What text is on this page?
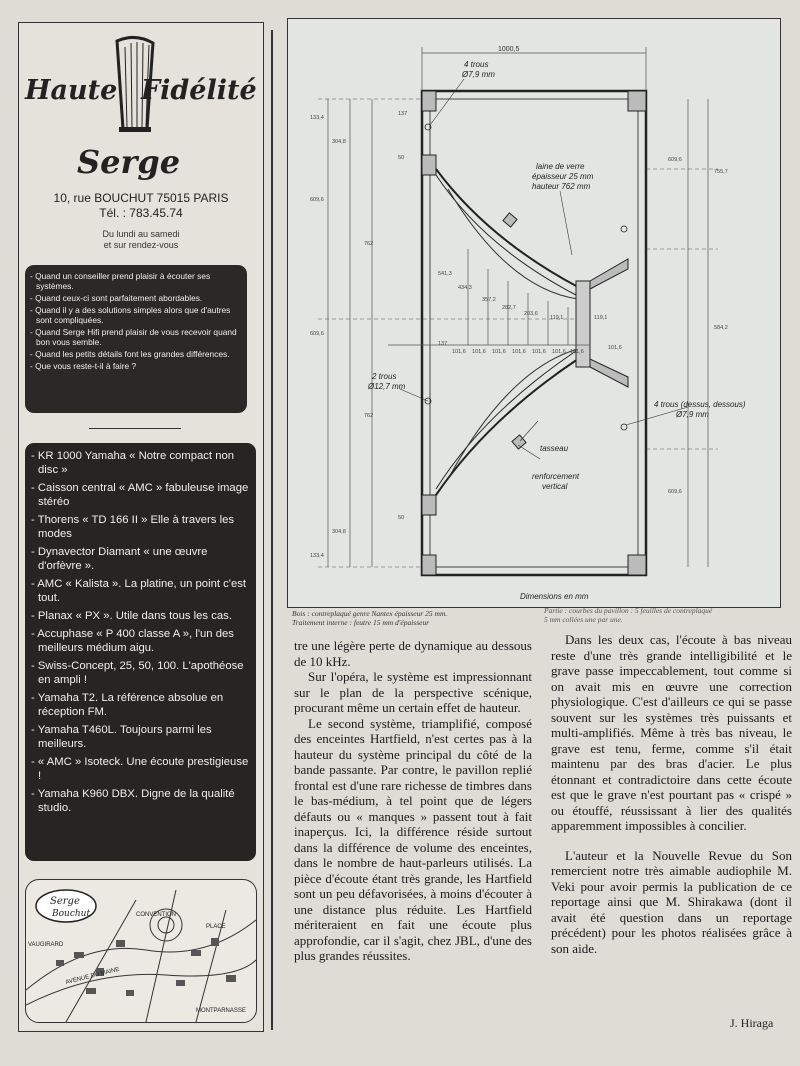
Haute Fidélité
Serge
10, rue BOUCHUT 75015 PARIS
Tél. : 783.45.74
Du lundi au samedi
et sur rendez-vous
- Quand un conseiller prend plaisir à écouter ses systèmes.
- Quand ceux-ci sont parfaitement abordables.
- Quand il y a des solutions simples alors que d'autres sont compliquées.
- Quand Serge Hifi prend plaisir de vous recevoir quand bon vous semble.
- Quand les petits détails font les grandes différences.
- Que vous reste-t-il à faire ?
- KR 1000 Yamaha « Notre compact non disc »
- Caisson central « AMC » fabuleuse image stéréo
- Thorens « TD 166 II » Elle à travers les modes
- Dynavector Diamant « une œuvre d'orfèvre ».
- AMC « Kalista ». La platine, un point c'est tout.
- Planax « PX ». Utile dans tous les cas.
- Accuphase « P 400 classe A », l'un des meilleurs médium aigu.
- Swiss-Concept, 25, 50, 100. L'apothéose en ampli !
- Yamaha T2. La référence absolue en réception FM.
- Yamaha T460L. Toujours parmi les meilleurs.
- « AMC » Isoteck. Une écoute prestigieuse !
- Yamaha K960 DBX. Digne de la qualité studio.
Serge
Bouchut
VAUGIRARD
CONVENTION
AVENUE DU MAINE
PLACE
MONTPARNASSE
1000,5
4 trous
Ø7,9 mm
laine de verre
épaisseur 25 mm
hauteur 762 mm
2 trous
Ø12,7 mm
4 trous (dessus, dessous)
Ø7,9 mm
tasseau
renforcement
vertical
Dimensions en mm
133,4
304,8
609,6
762
609,6
762
304,8
133,4
609,6
755,7
584,2
609,6
137
50
137
50
541,3
434,3
357,2
282,7
203,6
119,1
101,6 101,6 101,6 101,6 101,6 101,6 101,6
119,1
101,6
Bois : contreplaqué genre Nantex épaisseur 25 mm.
Traitement interne : feutre 15 mm d'épaisseur
Partie : courbes du pavillon : 5 feuilles de contreplaqué
5 mm collées une par une.

tre une légère perte de dynamique au dessous de 10 kHz.

Sur l'opéra, le système est impressionnant sur le plan de la perspective scénique, procurant même un certain effet de hauteur.

Le second système, triamplifié, composé des enceintes Hartfield, n'est certes pas à la hauteur du système principal du côté de la bande passante. Par contre, le pavillon replié frontal est d'une rare richesse de timbres dans le bas-médium, à tel point que de légers défauts ou « manques » passent tout à fait inaperçus. Ici, la différence réside surtout dans la différence de volume des enceintes, dans le nombre de haut-parleurs utilisés. La pièce d'écoute étant très grande, les Hartfield sont un peu défavorisées, à moins d'écouter à une distance plus réduite. Les Hartfield mériteraient en fait une écoute plus approfondie, car il s'agit, chez JBL, d'une des plus grandes réussites.

Dans les deux cas, l'écoute à bas niveau reste d'une très grande intelligibilité et le grave passe impeccablement, tout comme si on avait mis en œuvre une correction physiologique. C'est d'ailleurs ce qui se passe souvent sur les systèmes très puissants et multi-amplifiés. Même à très bas niveau, le grave est tenu, ferme, comme s'il était maintenu par des bras d'acier. Le plus étonnant et contradictoire dans cette écoute est que le grave n'est pourtant pas « crispé » ou étouffé, réussissant à lier des qualités apparemment impossibles à concilier.

L'auteur et la Nouvelle Revue du Son remercient notre très aimable audiophile M. Veki pour avoir permis la publication de ce reportage ainsi que M. Shirakawa (dont il avait été question dans un reportage précédent) pour les photos réalisées grâce à son aide.

J. Hiraga
